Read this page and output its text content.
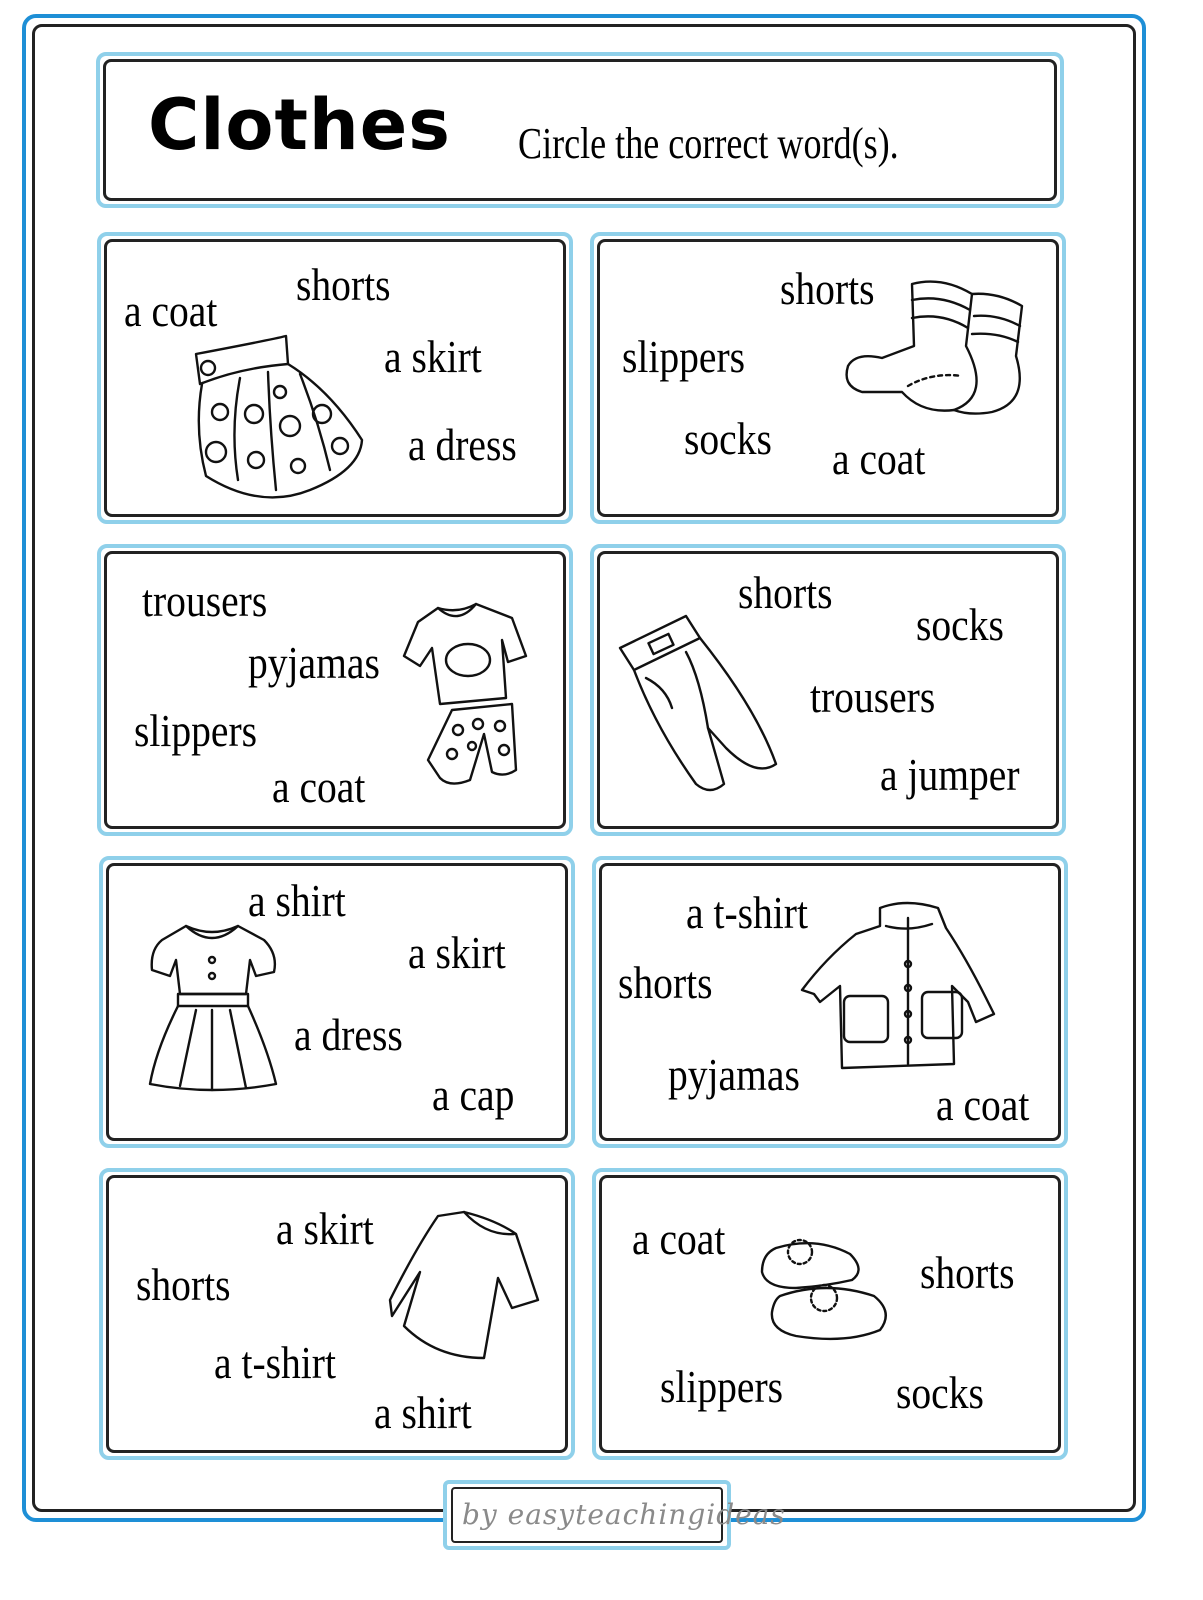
Clothes Circle the correct word(s).
a coat
shorts
a skirt
a dress
shorts
slippers
socks a coat
trousers
pyjamas
slippers
a coat
shorts
socks
trousers
a jumper
a shirt
a skirt
a dress
a cap
a t-shirt
shorts
pyjamas
a coat
a skirt
shorts
a t-shirt
a shirt
a coat
shorts
slippers socks
by easyteachingideas
